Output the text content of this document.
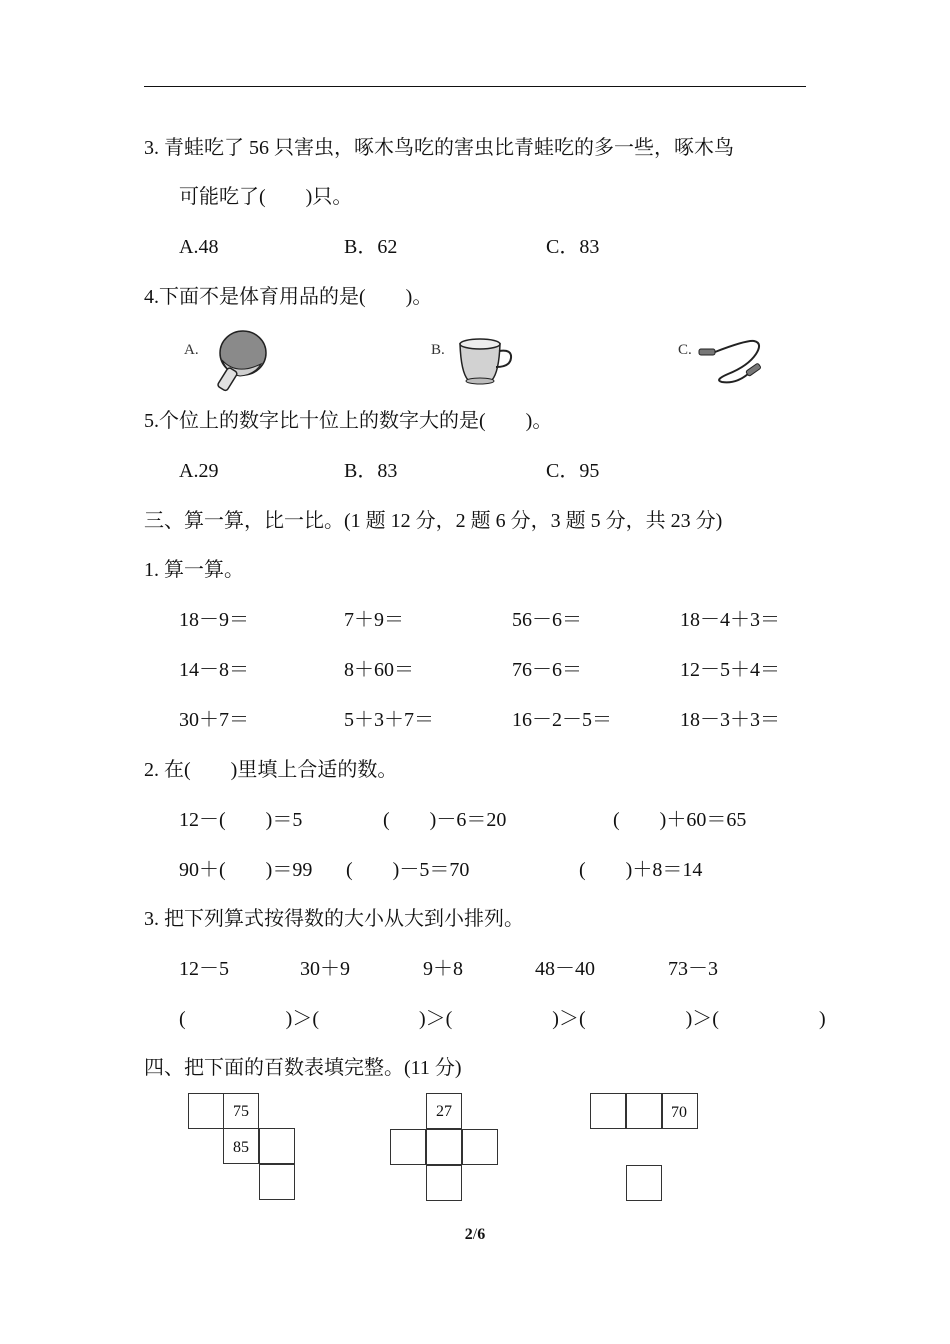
3. 青蛙吃了 56 只害虫，啄木鸟吃的害虫比青蛙吃的多一些，啄木鸟
可能吃了(　　)只。
A.48	B．62	C．83
4.下面不是体育用品的是(　　)。
A.	B.	C.
5.个位上的数字比十位上的数字大的是(　　)。
A.29	B．83	C．95
三、算一算，比一比。(1 题 12 分，2 题 6 分，3 题 5 分，共 23 分)
1. 算一算。
18－9＝	7＋9＝	56－6＝	18－4＋3＝
14－8＝	8＋60＝	76－6＝	12－5＋4＝
30＋7＝	5＋3＋7＝	16－2－5＝	18－3＋3＝
2. 在(　　)里填上合适的数。
12－(　　)＝5	(　　)－6＝20	(　　)＋60＝65
90＋(　　)＝99 (　　)－5＝70	(　　)＋8＝14
3. 把下列算式按得数的大小从大到小排列。
12－5	30＋9	9＋8	48－40	73－3
(　　　　　)＞(　　　　　)＞(　　　　　)＞(　　　　　)＞(　　　　　)
四、把下面的百数表填完整。(11 分)
75
85
27	70
2/6
